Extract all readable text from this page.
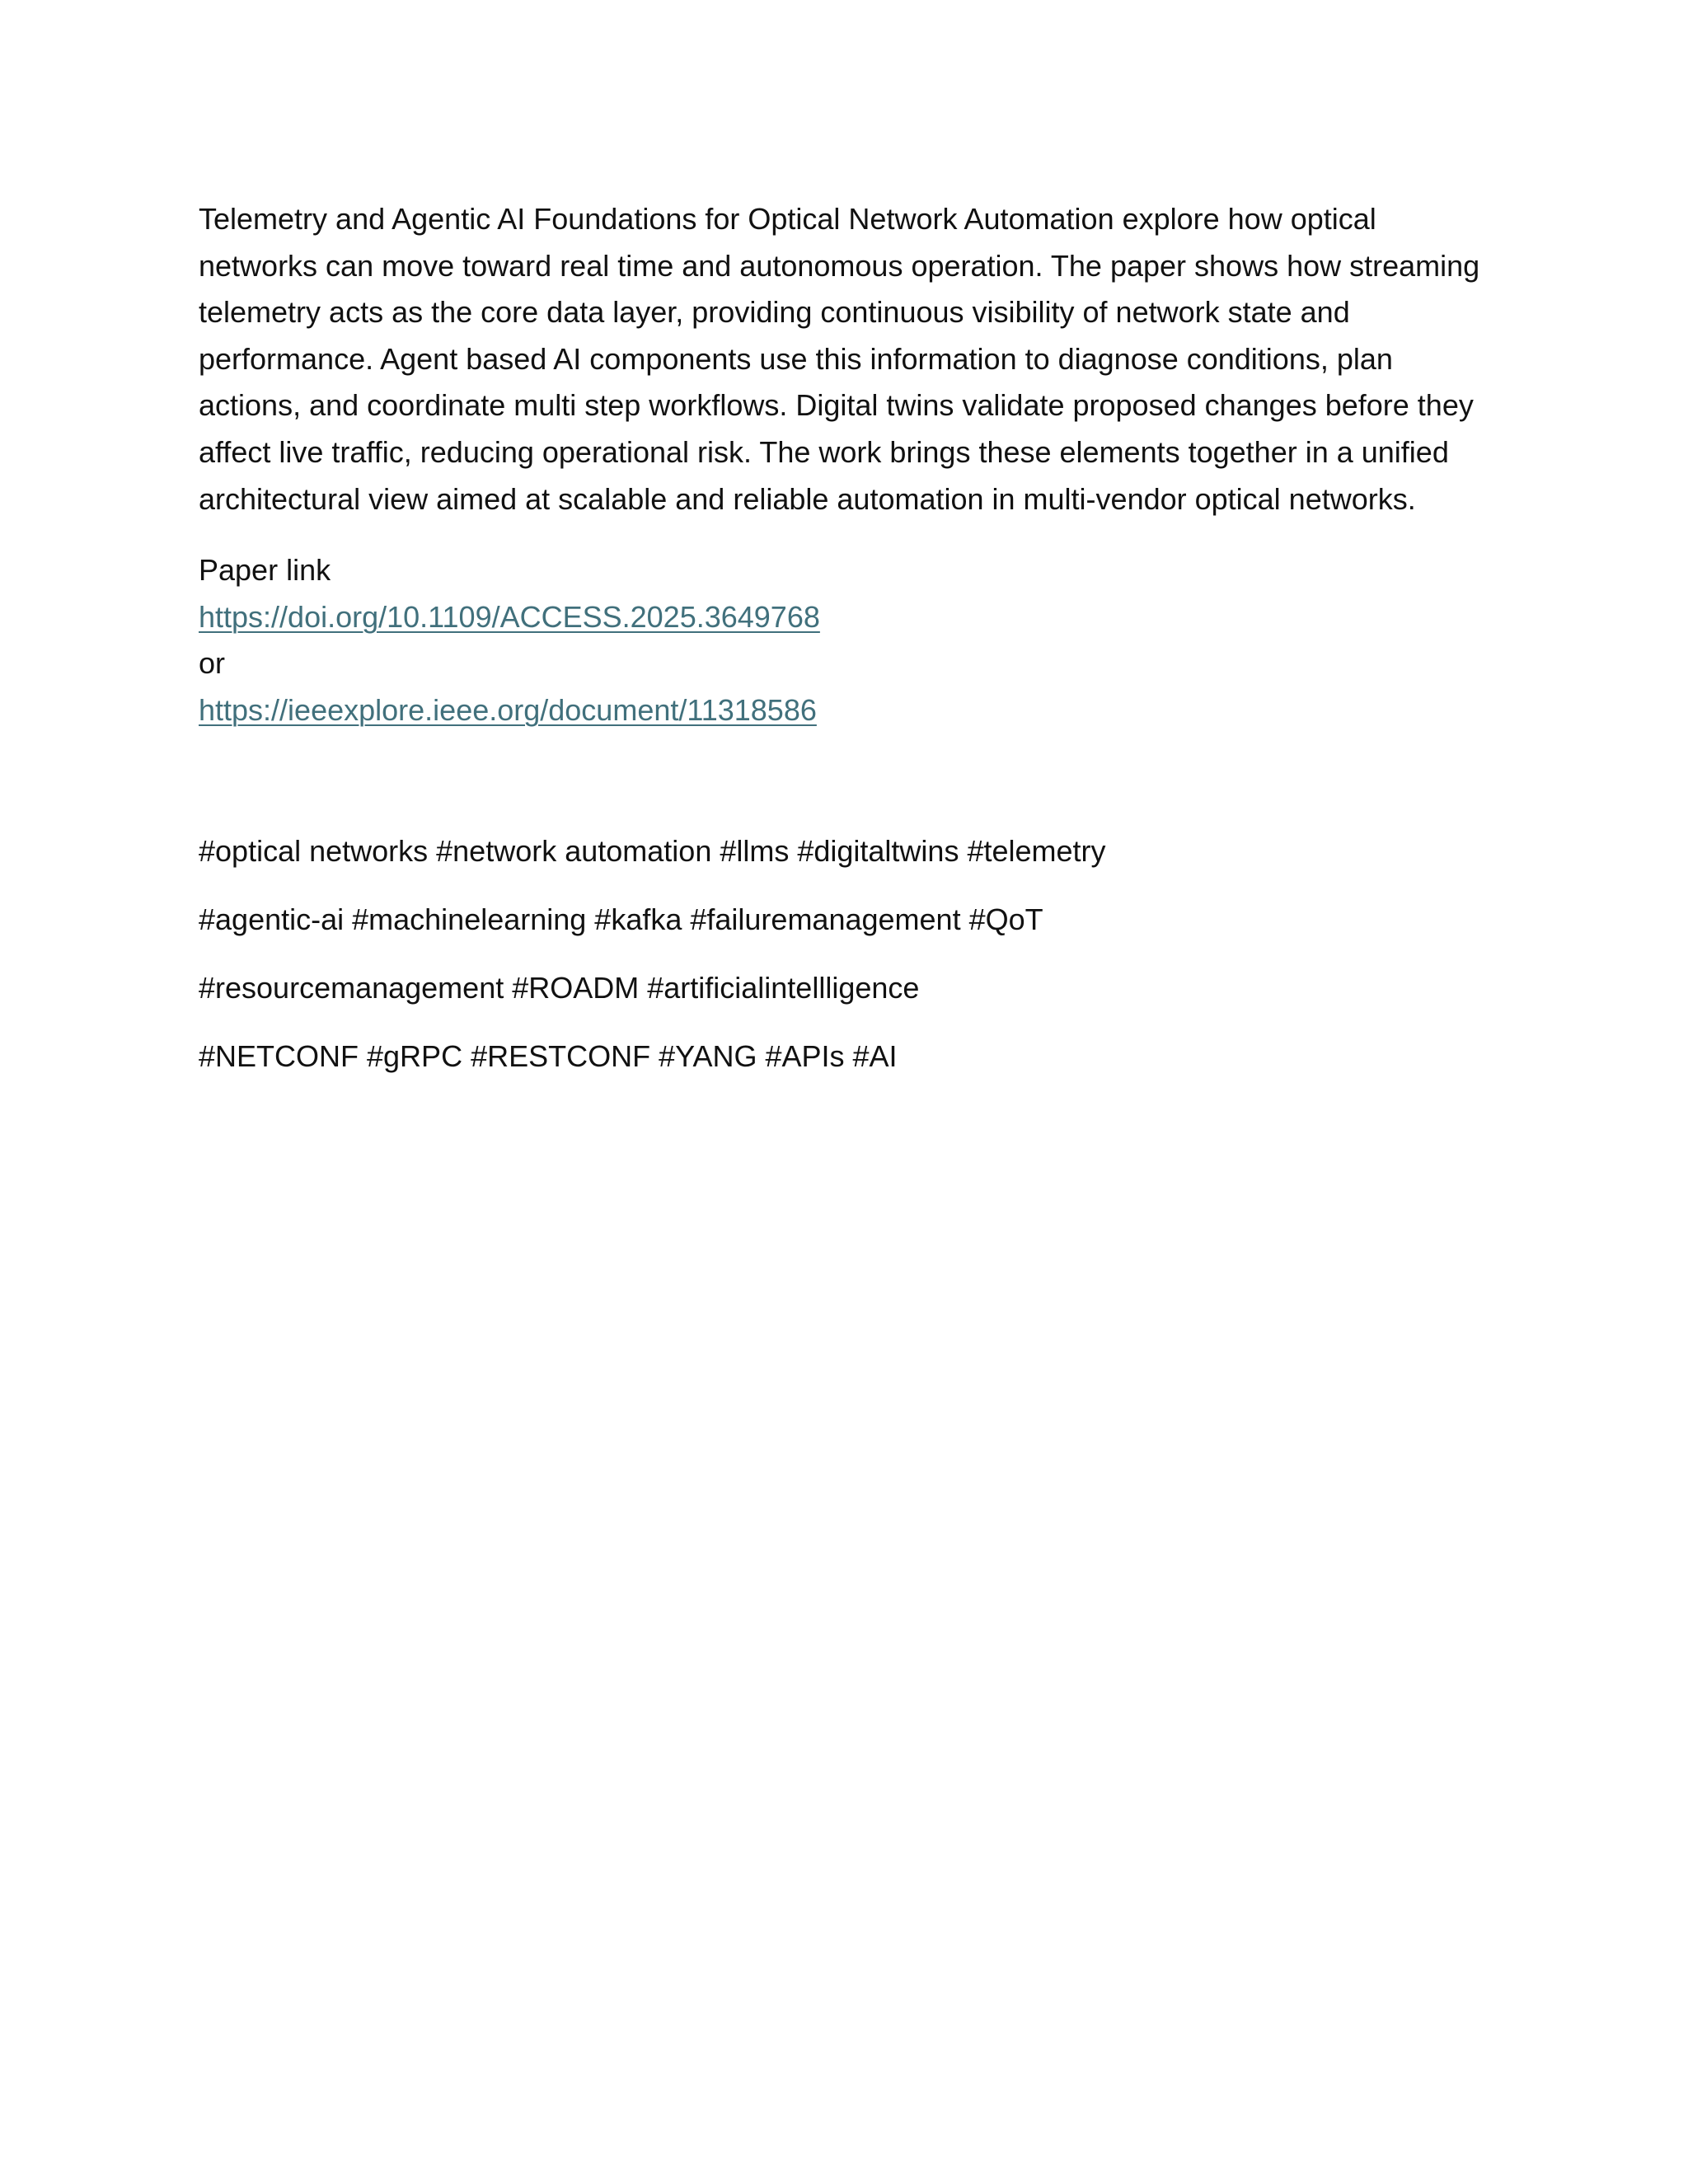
Telemetry and Agentic AI Foundations for Optical Network Automation explore how optical networks can move toward real time and autonomous operation. The paper shows how streaming telemetry acts as the core data layer, providing continuous visibility of network state and performance. Agent based AI components use this information to diagnose conditions, plan actions, and coordinate multi step workflows. Digital twins validate proposed changes before they affect live traffic, reducing operational risk. The work brings these elements together in a unified architectural view aimed at scalable and reliable automation in multi-vendor optical networks.

Paper link
https://doi.org/10.1109/ACCESS.2025.3649768
or
https://ieeexplore.ieee.org/document/11318586

#optical networks #network automation #llms #digitaltwins #telemetry

#agentic-ai #machinelearning #kafka #failuremanagement #QoT

#resourcemanagement #ROADM #artificialintellligence

#NETCONF #gRPC #RESTCONF #YANG #APIs #AI
